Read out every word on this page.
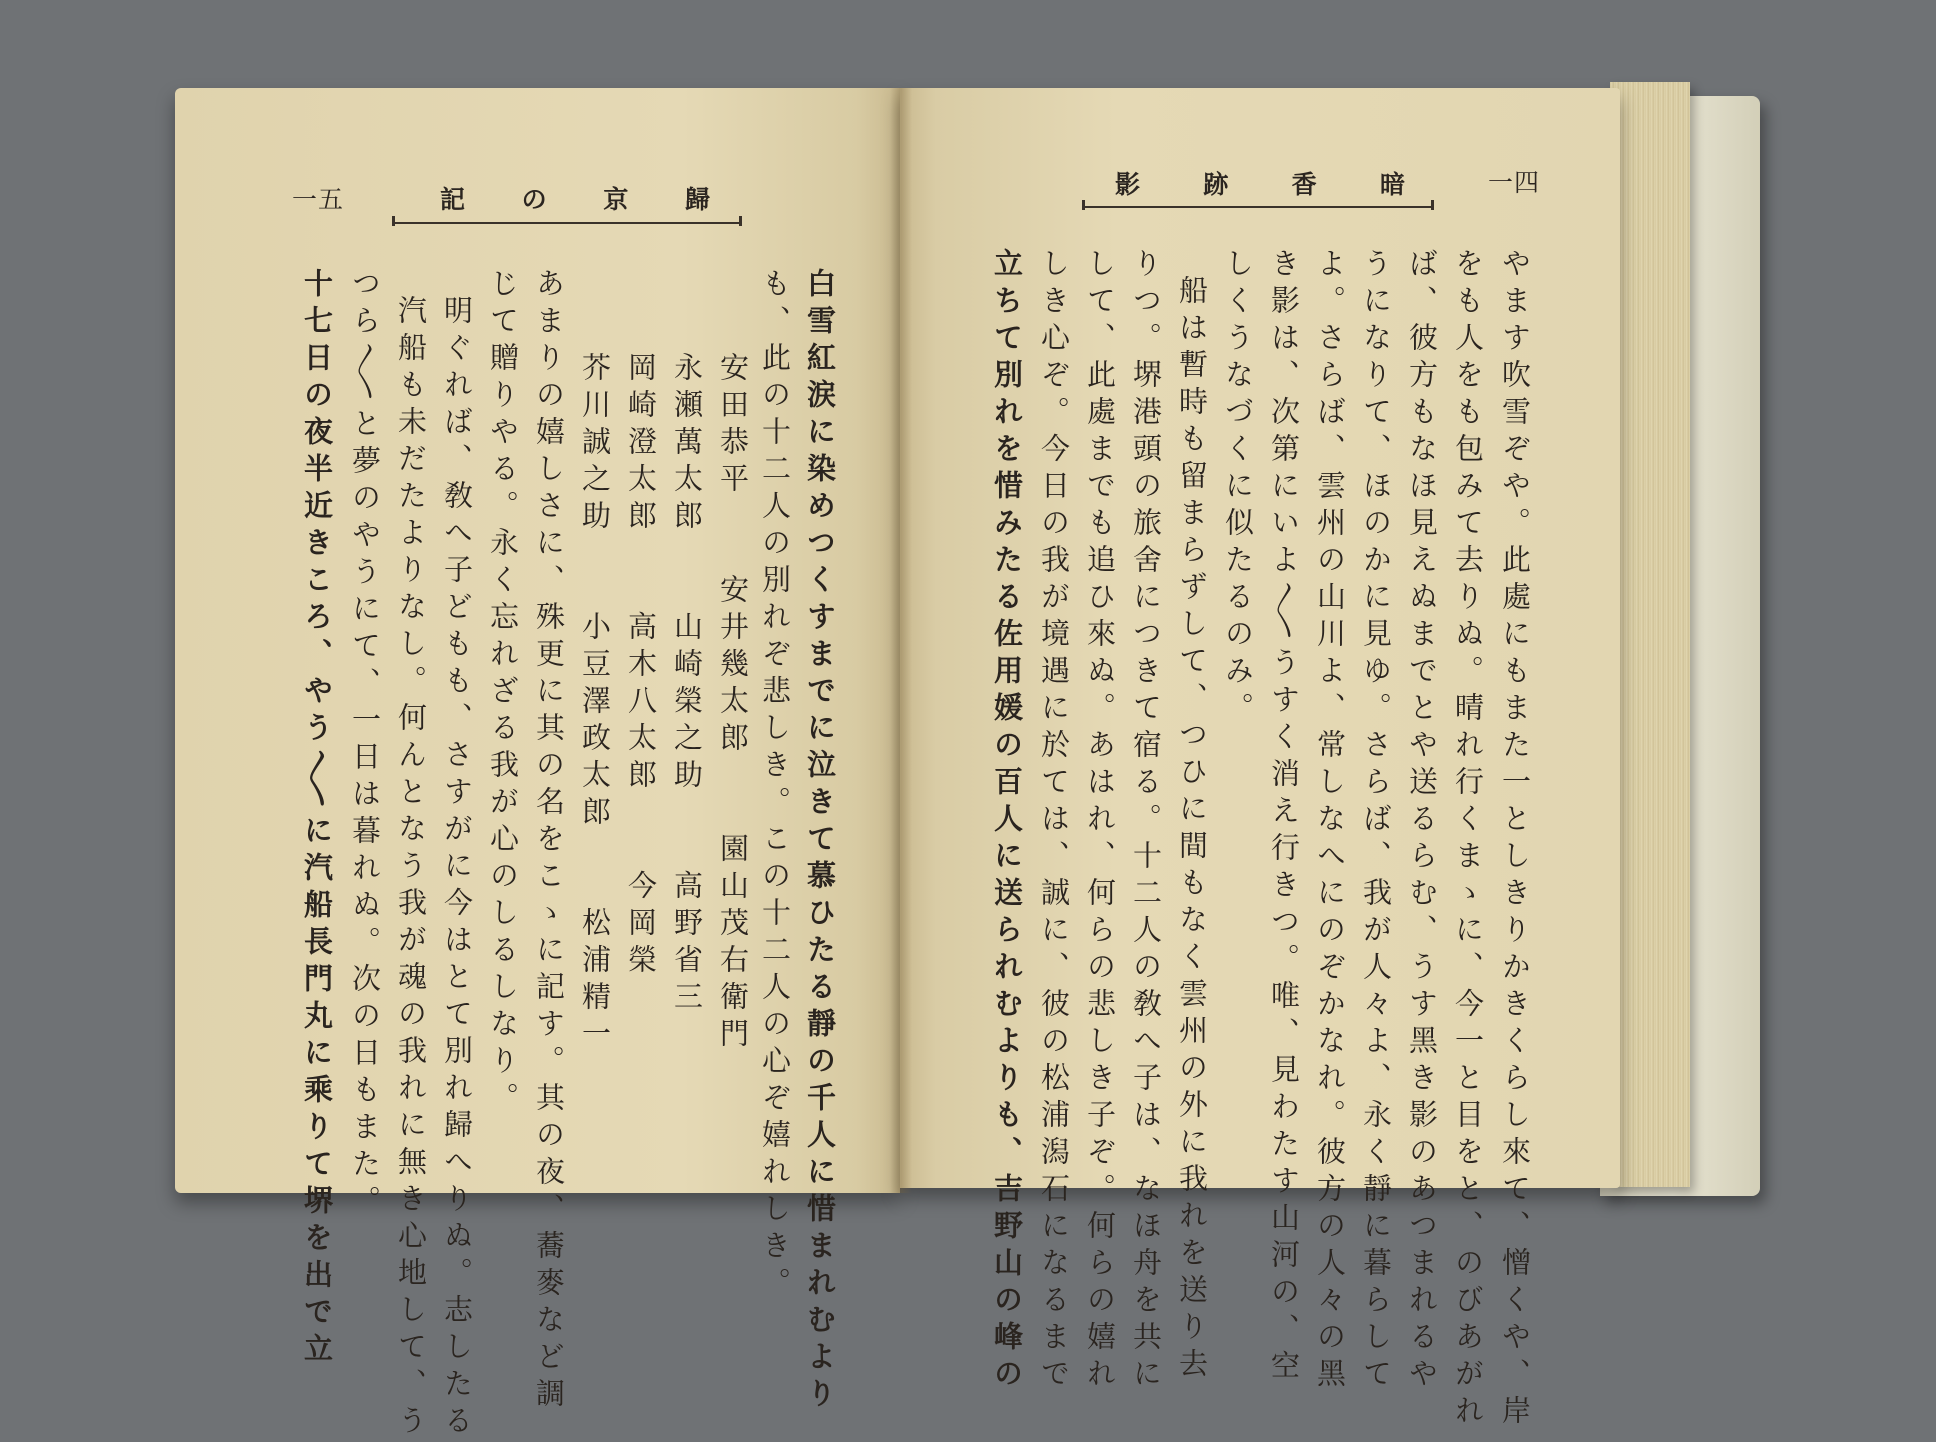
一五	記 の 京 歸
影	跡	香	暗	一四
白雪紅涙に染めつくすまでに泣きて慕ひたる靜の千人に惜まれむより
も、此の十二人の別れぞ悲しき。この十二人の心ぞ嬉れしき。
安田恭平　　安井幾太郎　　園山茂右衛門
永瀬萬太郎　　山崎榮之助　　高野省三
岡崎澄太郎　　高木八太郎　　今岡榮
芥川誠之助　　小豆澤政太郎　　松浦精一
あまりの嬉しさに、殊更に其の名をこゝに記す。其の夜、蕎麥など調
じて贈りやる。永く忘れざる我が心のしるしなり。
明ぐれば、敎へ子どもも、さすがに今はとて別れ歸へりぬ。志したる
汽船も未だたよりなし。何んとなう我が魂の我れに無き心地して、う
つら〳〵と夢のやうにて、一日は暮れぬ。次の日もまた。
十七日の夜半近きころ、やう〳〵に汽船長門丸に乘りて堺を出で立	やます吹雪ぞや。此處にもまた一としきりかきくらし來て、憎くや、岸
をも人をも包みて去りぬ。晴れ行くまゝに、今一と目をと、のびあがれ
ば、彼方もなほ見えぬまでとや送るらむ、うす黑き影のあつまれるや
うになりて、ほのかに見ゆ。さらば、我が人々よ、永く靜に暮らして
よ。さらば、雲州の山川よ、常しなへにのぞかなれ。彼方の人々の黑
き影は、次第にいよ〳〵うすく消え行きつ。唯、見わたす山河の、空
しくうなづくに似たるのみ。
船は暫時も留まらずして、つひに間もなく雲州の外に我れを送り去
りつ。堺港頭の旅舍につきて宿る。十二人の敎へ子は、なほ舟を共に
して、此處までも追ひ來ぬ。あはれ、何らの悲しき子ぞ。何らの嬉れ
しき心ぞ。今日の我が境遇に於ては、誠に、彼の松浦潟石になるまで
立ちて別れを惜みたる佐用媛の百人に送られむよりも、吉野山の峰の
